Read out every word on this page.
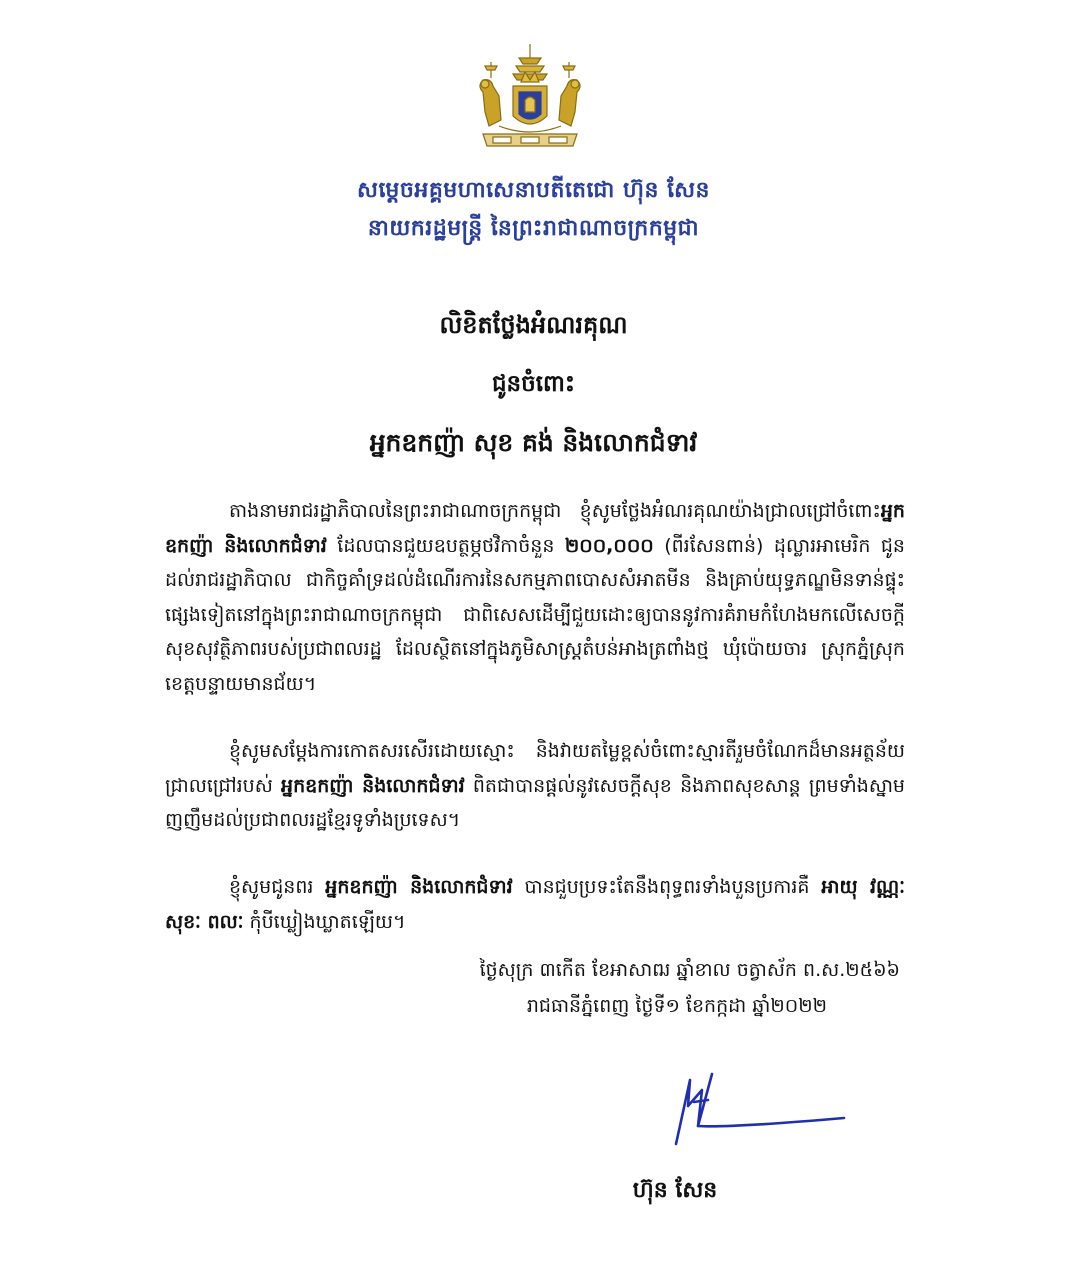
សម្តេចអគ្គមហាសេនាបតីតេជោ ហ៊ុន សែន
នាយករដ្ឋមន្ត្រី នៃព្រះរាជាណាចក្រកម្ពុជា
លិខិតថ្លែងអំណរគុណ
ជូនចំពោះ
អ្នកឧកញ៉ា សុខ គង់ និងលោកជំទាវ
តាងនាមរាជរដ្ឋាភិបាលនៃព្រះរាជាណាចក្រកម្ពុជា ខ្ញុំសូមថ្លែងអំណរគុណយ៉ាងជ្រាលជ្រៅចំពោះអ្នកឧកញ៉ា និងលោកជំទាវ ដែលបានជួយឧបត្ថម្ភថវិកាចំនួន ២០០,០០០ (ពីរសែនពាន់) ដុល្លារអាមេរិក ជូនដល់រាជរដ្ឋាភិបាល ជាកិច្ចគាំទ្រដល់ដំណើរការនៃសកម្មភាពបោសសំអាតមីន និងគ្រាប់យុទ្ធភណ្ឌមិនទាន់ផ្ទុះផ្សេងទៀតនៅក្នុងព្រះរាជាណាចក្រកម្ពុជា ជាពិសេសដើម្បីជួយដោះឲ្យបាននូវការគំរាមកំហែងមកលើសេចក្តីសុខសុវត្ថិភាពរបស់ប្រជាពលរដ្ឋ ដែលស្ថិតនៅក្នុងភូមិសាស្ត្រតំបន់អាងត្រពាំងថ្ម ឃុំប៉ោយចារ ស្រុកភ្នំស្រុក ខេត្តបន្ទាយមានជ័យ។
ខ្ញុំសូមសម្តែងការកោតសរសើរដោយស្មោះ និងវាយតម្លៃខ្ពស់ចំពោះស្មារតីរួមចំណែកដ៏មានអត្ថន័យជ្រាលជ្រៅរបស់ អ្នកឧកញ៉ា និងលោកជំទាវ ពិតជាបានផ្តល់នូវសេចក្តីសុខ និងភាពសុខសាន្ត ព្រមទាំងស្នាមញញឹមដល់ប្រជាពលរដ្ឋខ្មែរទូទាំងប្រទេស។
ខ្ញុំសូមជូនពរ អ្នកឧកញ៉ា និងលោកជំទាវ បានជួបប្រទះតែនឹងពុទ្ធពរទាំងបួនប្រការគឺ អាយុ វណ្ណៈ សុខៈ ពលៈ កុំបីឃ្លៀងឃ្លាតឡើយ។
ថ្ងៃសុក្រ ៣កើត ខែអាសាឍ ឆ្នាំខាល ចត្វាស័ក ព.ស.២៥៦៦
រាជធានីភ្នំពេញ ថ្ងៃទី១ ខែកក្កដា ឆ្នាំ២០២២
ហ៊ុន សែន
